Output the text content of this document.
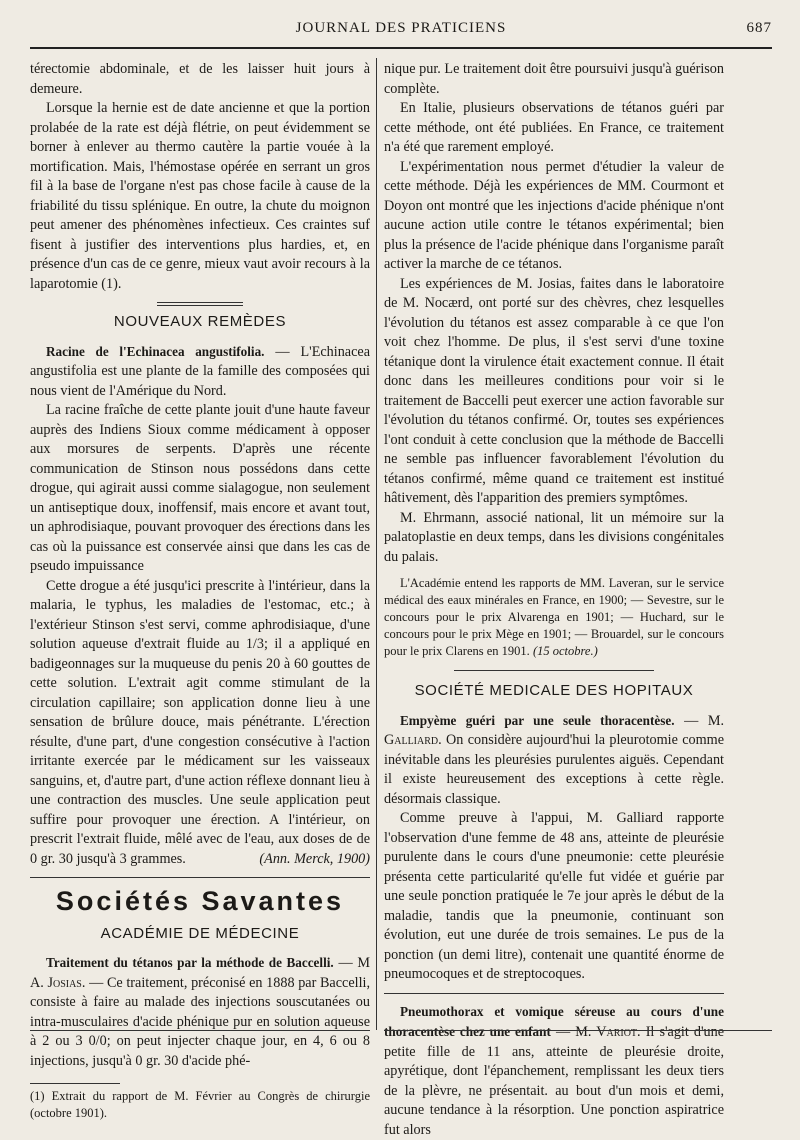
JOURNAL DES PRATICIENS	687

térectomie abdominale, et de les laisser huit jours à demeure.

Lorsque la hernie est de date ancienne et que la portion prolabée de la rate est déjà flétrie, on peut évidemment se borner à enlever au thermo cautère la partie vouée à la mortification. Mais, l'hémostase opérée en serrant un gros fil à la base de l'organe n'est pas chose facile à cause de la friabilité du tissu splénique. En outre, la chute du moignon peut amener des phénomènes infectieux. Ces craintes suf fisent à justifier des interventions plus hardies, et, en présence d'un cas de ce genre, mieux vaut avoir recours à la laparotomie (1).

NOUVEAUX REMÈDES

Racine de l'Echinacea angustifolia. — L'Echinacea angustifolia est une plante de la famille des composées qui nous vient de l'Amérique du Nord.

La racine fraîche de cette plante jouit d'une haute faveur auprès des Indiens Sioux comme médicament à opposer aux morsures de serpents. D'après une récente communication de Stinson nous possédons dans cette drogue, qui agirait aussi comme sialagogue, non seulement un antiseptique doux, inoffensif, mais encore et avant tout, un aphrodisiaque, pouvant provoquer des érections dans les cas où la puissance est conservée ainsi que dans les cas de pseudo impuissance

Cette drogue a été jusqu'ici prescrite à l'intérieur, dans la malaria, le typhus, les maladies de l'estomac, etc.; à l'extérieur Stinson s'est servi, comme aphrodisiaque, d'une solution aqueuse d'extrait fluide au 1/3; il a appliqué en badigeonnages sur la muqueuse du penis 20 à 60 gouttes de cette solution. L'extrait agit comme stimulant de la circulation capillaire; son application donne lieu à une sensation de brûlure douce, mais pénétrante. L'érection résulte, d'une part, d'une congestion consécutive à l'action irritante exercée par le médicament sur les vaisseaux sanguins, et, d'autre part, d'une action réflexe donnant lieu à une contraction des muscles. Une seule application peut suffire pour provoquer une érection. A l'intérieur, on prescrit l'extrait fluide, mêlé avec de l'eau, aux doses de de 0 gr. 30 jusqu'à 3 grammes.	(Ann. Merck, 1900)

Sociétés Savantes
ACADÉMIE DE MÉDECINE

Traitement du tétanos par la méthode de Baccelli. — M A. Josias. — Ce traitement, préconisé en 1888 par Baccelli, consiste à faire au malade des injections souscutanées ou intra-musculaires d'acide phénique pur en solution aqueuse à 2 ou 3 0/0; on peut injecter chaque jour, en 4, 6 ou 8 injections, jusqu'à 0 gr. 30 d'acide phé-

(1) Extrait du rapport de M. Février au Congrès de chirurgie (octobre 1901).

nique pur. Le traitement doit être poursuivi jusqu'à guérison complète.

En Italie, plusieurs observations de tétanos guéri par cette méthode, ont été publiées. En France, ce traitement n'a été que rarement employé.

L'expérimentation nous permet d'étudier la valeur de cette méthode. Déjà les expériences de MM. Courmont et Doyon ont montré que les injections d'acide phénique n'ont aucune action utile contre le tétanos expérimental; bien plus la présence de l'acide phénique dans l'organisme paraît activer la marche de ce tétanos.

Les expériences de M. Josias, faites dans le laboratoire de M. Nocærd, ont porté sur des chèvres, chez lesquelles l'évolution du tétanos est assez comparable à ce que l'on voit chez l'homme. De plus, il s'est servi d'une toxine tétanique dont la virulence était exactement connue. Il était donc dans les meilleures conditions pour voir si le traitement de Baccelli peut exercer une action favorable sur l'évolution du tétanos confirmé. Or, toutes ses expériences l'ont conduit à cette conclusion que la méthode de Baccelli ne semble pas influencer favorablement l'évolution du tétanos confirmé, même quand ce traitement est institué hâtivement, dès l'apparition des premiers symptômes.

M. Ehrmann, associé national, lit un mémoire sur la palatoplastie en deux temps, dans les divisions congénitales du palais.

L'Académie entend les rapports de MM. Laveran, sur le service médical des eaux minérales en France, en 1900; — Sevestre, sur le concours pour le prix Alvarenga en 1901; — Huchard, sur le concours pour le prix Mège en 1901; — Brouardel, sur le concours pour le prix Clarens en 1901. (15 octobre.)

SOCIÉTÉ MEDICALE DES HOPITAUX

Empyème guéri par une seule thoracentèse. — M. Galliard. On considère aujourd'hui la pleurotomie comme inévitable dans les pleurésies purulentes aiguës. Cependant il existe heureusement des exceptions à cette règle. désormais classique.

Comme preuve à l'appui, M. Galliard rapporte l'observation d'une femme de 48 ans, atteinte de pleurésie purulente dans le cours d'une pneumonie: cette pleurésie présenta cette particularité qu'elle fut vidée et guérie par une seule ponction pratiquée le 7e jour après le début de la maladie, tandis que la pneumonie, continuant son évolution, eut une durée de trois semaines. Le pus de la ponction (un demi litre), contenait une quantité énorme de pneumocoques et de streptocoques.

Pneumothorax et vomique séreuse au cours d'une thoracentèse chez une enfant — M. Variot. Il s'agit d'une petite fille de 11 ans, atteinte de pleurésie droite, apyrétique, dont l'épanchement, remplissant les deux tiers de la plèvre, ne présentait. au bout d'un mois et demi, aucune tendance à la résorption. Une ponction aspiratrice fut alors
